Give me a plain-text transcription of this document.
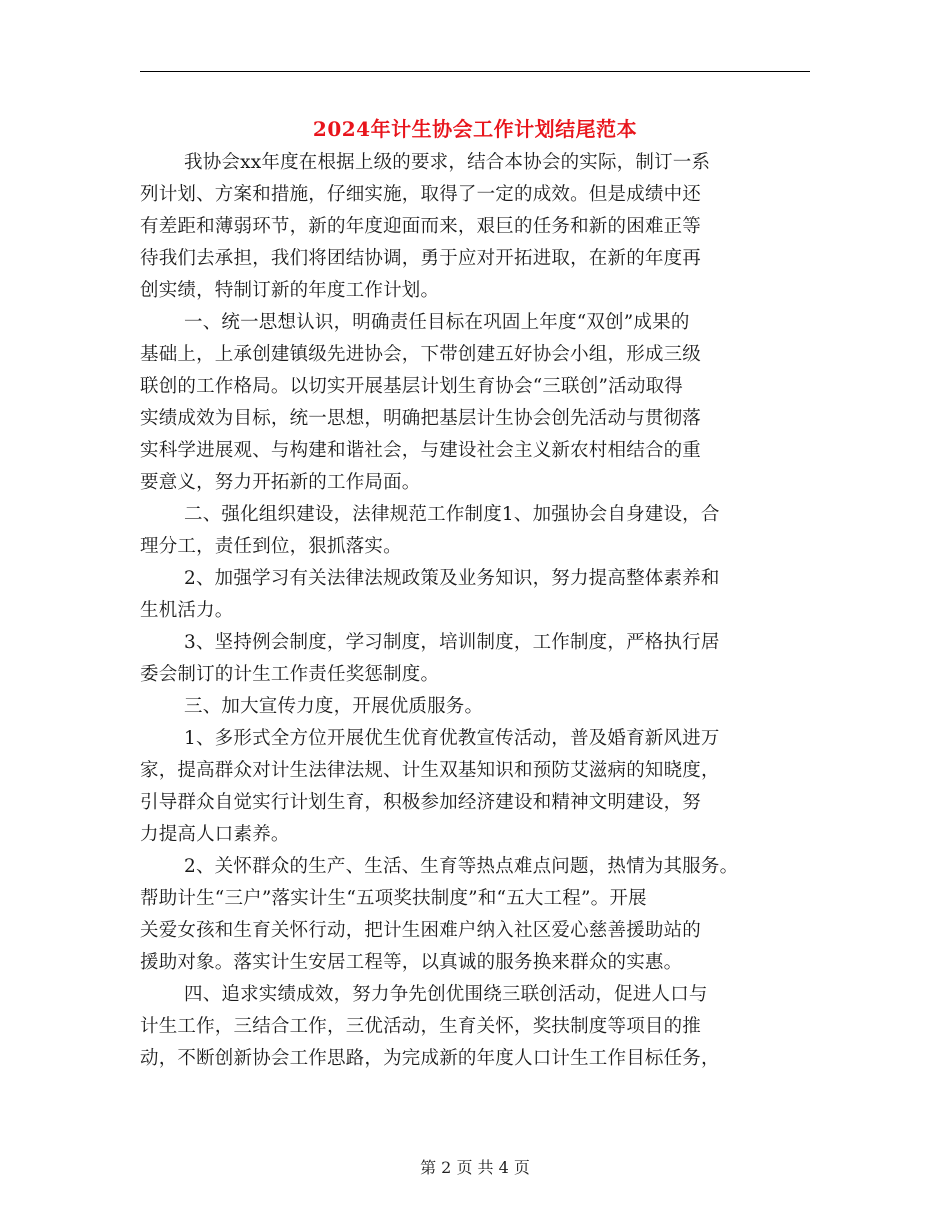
2024年计生协会工作计划结尾范本

我协会xx年度在根据上级的要求，结合本协会的实际，制订一系
列计划、方案和措施，仔细实施，取得了一定的成效。但是成绩中还
有差距和薄弱环节，新的年度迎面而来，艰巨的任务和新的困难正等
待我们去承担，我们将团结协调，勇于应对开拓进取，在新的年度再
创实绩，特制订新的年度工作计划。

一、统一思想认识，明确责任目标在巩固上年度“双创”成果的
基础上，上承创建镇级先进协会，下带创建五好协会小组，形成三级
联创的工作格局。以切实开展基层计划生育协会“三联创”活动取得
实绩成效为目标，统一思想，明确把基层计生协会创先活动与贯彻落
实科学进展观、与构建和谐社会，与建设社会主义新农村相结合的重
要意义，努力开拓新的工作局面。

二、强化组织建设，法律规范工作制度1、加强协会自身建设，合
理分工，责任到位，狠抓落实。

2、加强学习有关法律法规政策及业务知识，努力提高整体素养和
生机活力。

3、坚持例会制度，学习制度，培训制度，工作制度，严格执行居
委会制订的计生工作责任奖惩制度。

三、加大宣传力度，开展优质服务。

1、多形式全方位开展优生优育优教宣传活动，普及婚育新风进万
家，提高群众对计生法律法规、计生双基知识和预防艾滋病的知晓度，
引导群众自觉实行计划生育，积极参加经济建设和精神文明建设，努
力提高人口素养。

2、关怀群众的生产、生活、生育等热点难点问题，热情为其服务。
帮助计生“三户”落实计生“五项奖扶制度”和“五大工程”。开展
关爱女孩和生育关怀行动，把计生困难户纳入社区爱心慈善援助站的
援助对象。落实计生安居工程等，以真诚的服务换来群众的实惠。

四、追求实绩成效，努力争先创优围绕三联创活动，促进人口与
计生工作，三结合工作，三优活动，生育关怀，奖扶制度等项目的推
动，不断创新协会工作思路，为完成新的年度人口计生工作目标任务，

第 2 页 共 4 页
